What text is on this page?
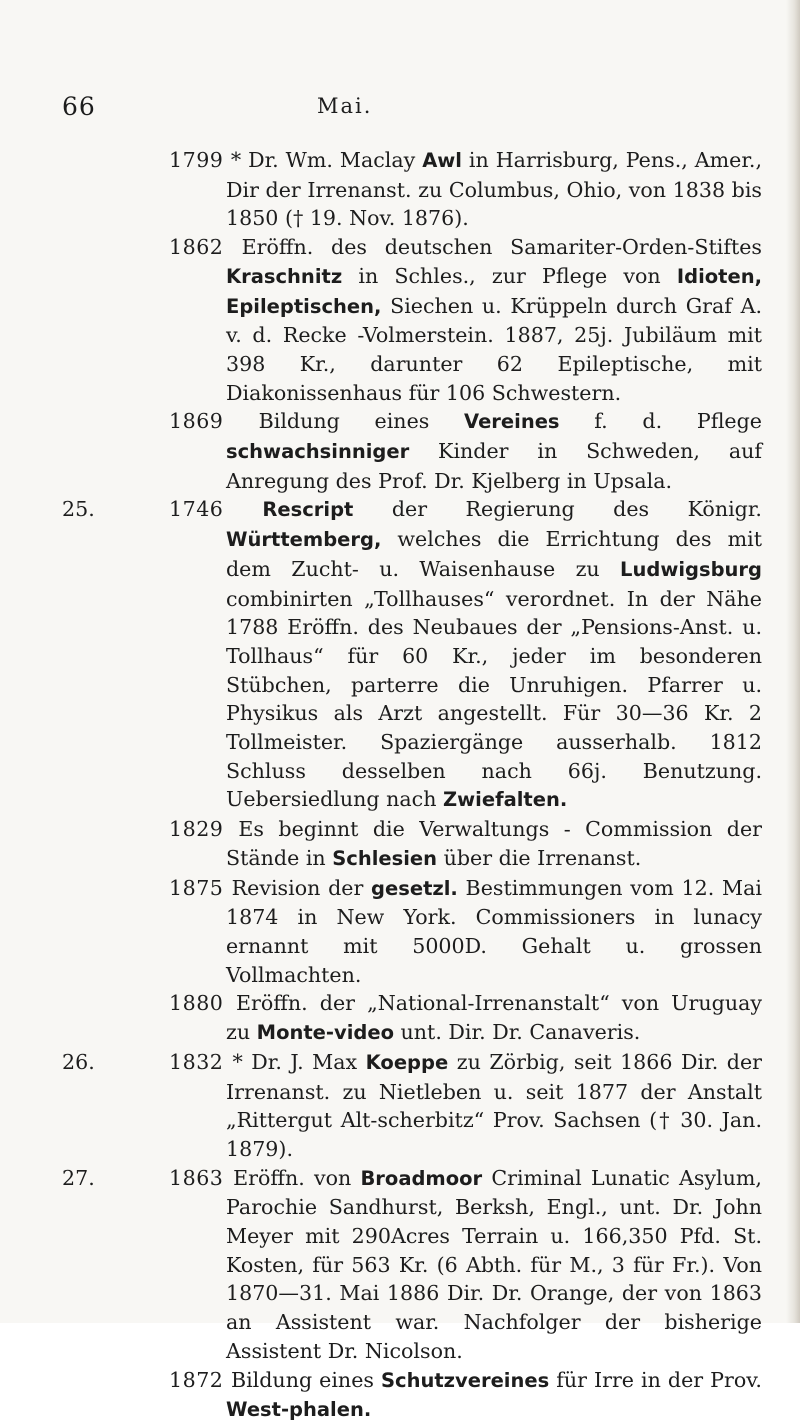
66	Mai.
1799 * Dr. Wm. Maclay Awl in Harrisburg, Pens., Amer., Dir der Irrenanst. zu Columbus, Ohio, von 1838 bis 1850 († 19. Nov. 1876).
1862 Eröffn. des deutschen Samariter-Orden-Stiftes Kraschnitz in Schles., zur Pflege von Idioten, Epileptischen, Siechen u. Krüppeln durch Graf A. v. d. Recke -Volmerstein. 1887, 25j. Jubiläum mit 398 Kr., darunter 62 Epileptische, mit Diakonissenhaus für 106 Schwestern.
1869 Bildung eines Vereines f. d. Pflege schwachsinniger Kinder in Schweden, auf Anregung des Prof. Dr. Kjelberg in Upsala.
25.	1746 Rescript der Regierung des Königr. Württemberg, welches die Errichtung des mit dem Zucht- u. Waisenhause zu Ludwigsburg combinirten „Tollhauses“ verordnet. In der Nähe 1788 Eröffn. des Neubaues der „Pensions-Anst. u. Tollhaus“ für 60 Kr., jeder im besonderen Stübchen, parterre die Unruhigen. Pfarrer u. Physikus als Arzt angestellt. Für 30—36 Kr. 2 Tollmeister. Spaziergänge ausserhalb. 1812 Schluss desselben nach 66j. Benutzung. Uebersiedlung nach Zwiefalten.
1829 Es beginnt die Verwaltungs - Commission der Stände in Schlesien über die Irrenanst.
1875 Revision der gesetzl. Bestimmungen vom 12. Mai 1874 in New York. Commissioners in lunacy ernannt mit 5000D. Gehalt u. grossen Vollmachten.
1880 Eröffn. der „National-Irrenanstalt“ von Uruguay zu Monte-video unt. Dir. Dr. Canaveris.
26.	1832 * Dr. J. Max Koeppe zu Zörbig, seit 1866 Dir. der Irrenanst. zu Nietleben u. seit 1877 der Anstalt „Rittergut Alt-scherbitz“ Prov. Sachsen († 30. Jan. 1879).
27.	1863 Eröffn. von Broadmoor Criminal Lunatic Asylum, Parochie Sandhurst, Berksh, Engl., unt. Dr. John Meyer mit 290Acres Terrain u. 166,350 Pfd. St. Kosten, für 563 Kr. (6 Abth. für M., 3 für Fr.). Von 1870—31. Mai 1886 Dir. Dr. Orange, der von 1863 an Assistent war. Nachfolger der bisherige Assistent Dr. Nicolson.
1872 Bildung eines Schutzvereines für Irre in der Prov. West-phalen.
